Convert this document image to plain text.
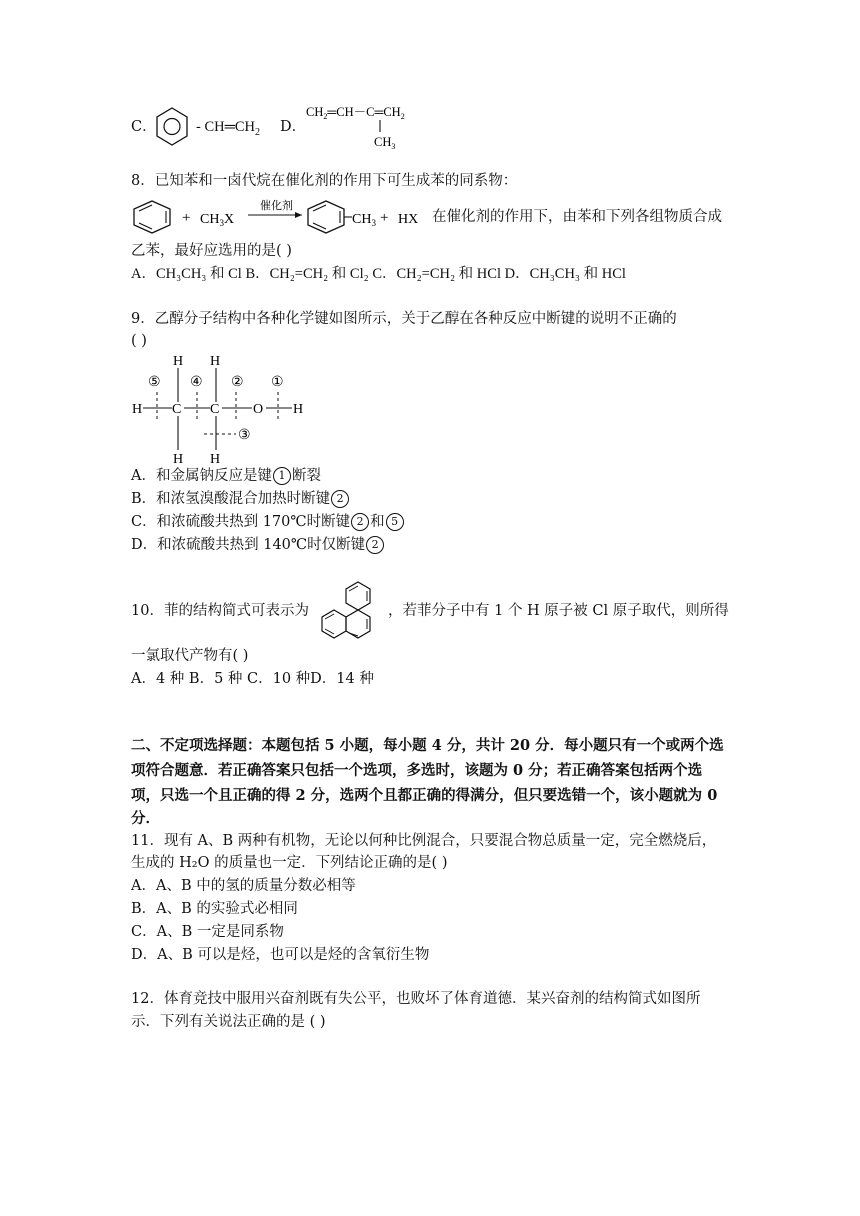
C．	- $CH═CH_2$ D．
$CH_2═CH-C═CH_2$
$CH_3$
8．已知苯和一卤代烷在催化剂的作用下可生成苯的同系物：
+ $CH_3X$
催化剂
$CH_3$ + HX 在催化剂的作用下，由苯和下列各组物质合成
乙苯，最好应选用的是( )
A．CH₃CH₃ 和 Cl B．CH₂=CH₂ 和 Cl₂ C．CH₂=CH₂ 和 HCl D．CH₃CH₃ 和 HCl
9．乙醇分子结构中各种化学键如图所示，关于乙醇在各种反应中断键的说明不正确的
( )
H H
⑤ ④ ② ①
H C C O H
③
H H
A．和金属钠反应是键 1 断裂
B．和浓氢溴酸混合加热时断键 2
C．和浓硫酸共热到 170℃时断键 2 和 5
D．和浓硫酸共热到 140℃时仅断键 2
10．菲的结构简式可表示为	，若菲分子中有 1 个 H 原子被 Cl 原子取代，则所得
一氯取代产物有( )
A．4 种 B．5 种 C．10 种D．14 种
二、不定项选择题：本题包括 5 小题，每小题 4 分，共计 20 分．每小题只有一个或两个选
项符合题意．若正确答案只包括一个选项，多选时，该题为 0 分；若正确答案包括两个选
项，只选一个且正确的得 2 分，选两个且都正确的得满分，但只要选错一个，该小题就为 0
分．
11．现有 A、B 两种有机物，无论以何种比例混合，只要混合物总质量一定，完全燃烧后，
生成的 H₂O 的质量也一定．下列结论正确的是( )
A．A、B 中的氢的质量分数必相等
B．A、B 的实验式必相同
C．A、B 一定是同系物
D．A、B 可以是烃，也可以是烃的含氧衍生物
12．体育竞技中服用兴奋剂既有失公平，也败坏了体育道德．某兴奋剂的结构简式如图所
示．下列有关说法正确的是 ( )
